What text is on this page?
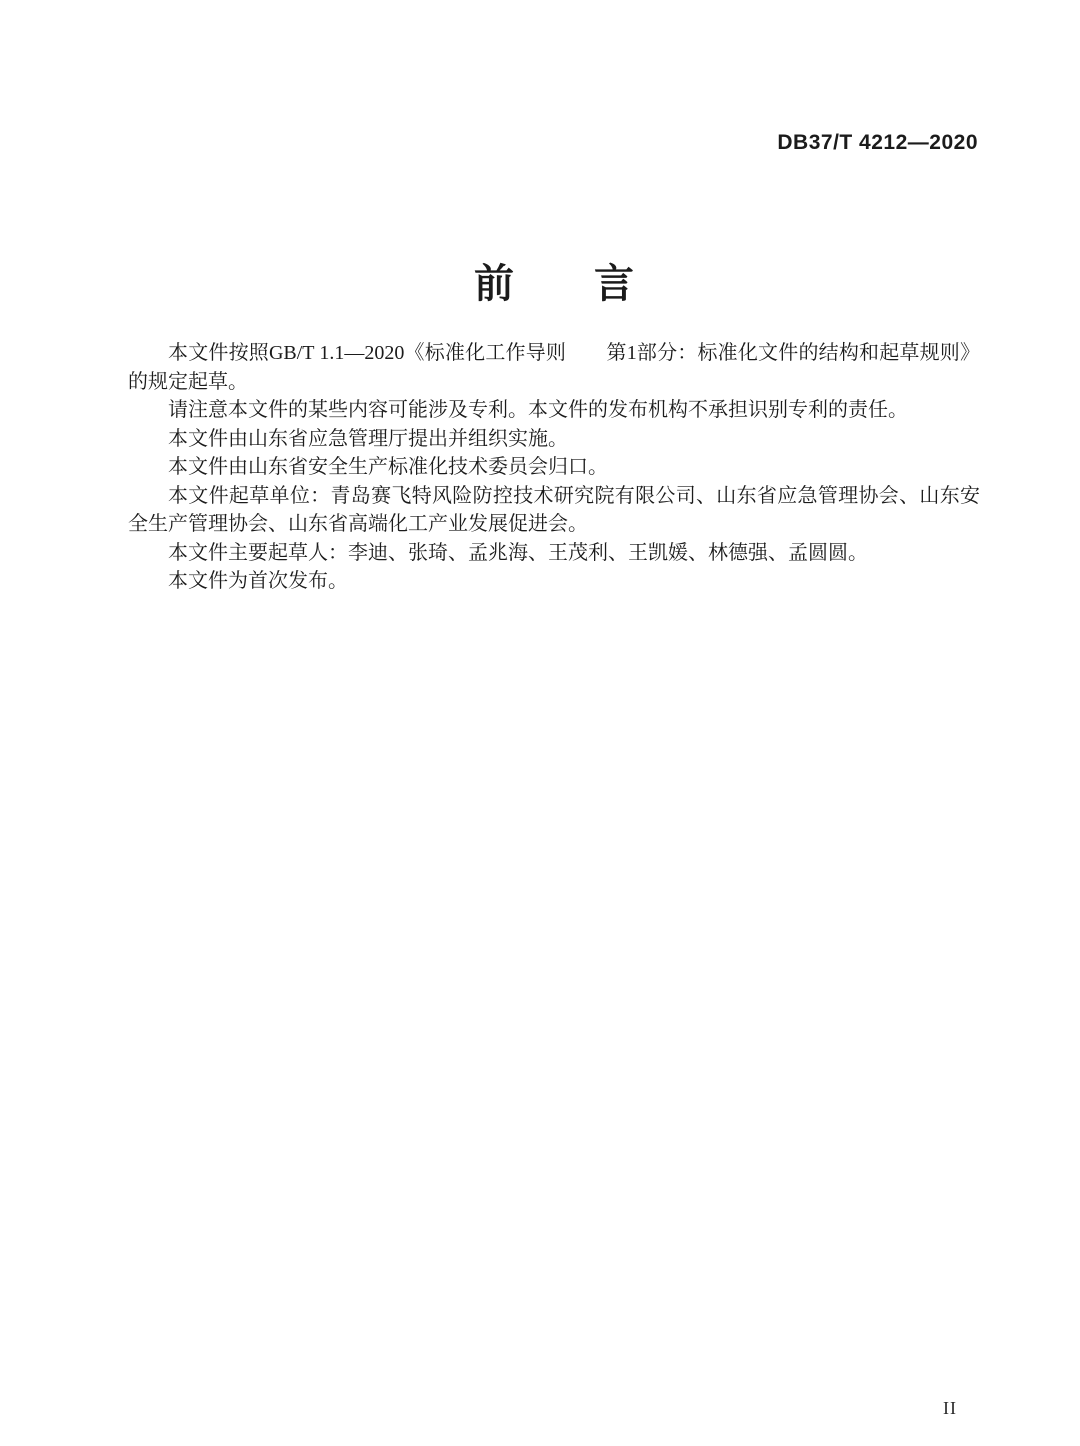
DB37/T 4212—2020
前　　言

本文件按照GB/T 1.1—2020《标准化工作导则　　第1部分：标准化文件的结构和起草规则》的规定起草。

请注意本文件的某些内容可能涉及专利。本文件的发布机构不承担识别专利的责任。

本文件由山东省应急管理厅提出并组织实施。

本文件由山东省安全生产标准化技术委员会归口。

本文件起草单位：青岛赛飞特风险防控技术研究院有限公司、山东省应急管理协会、山东安全生产管理协会、山东省高端化工产业发展促进会。

本文件主要起草人：李迪、张琦、孟兆海、王茂利、王凯媛、林德强、孟圆圆。

本文件为首次发布。

II
